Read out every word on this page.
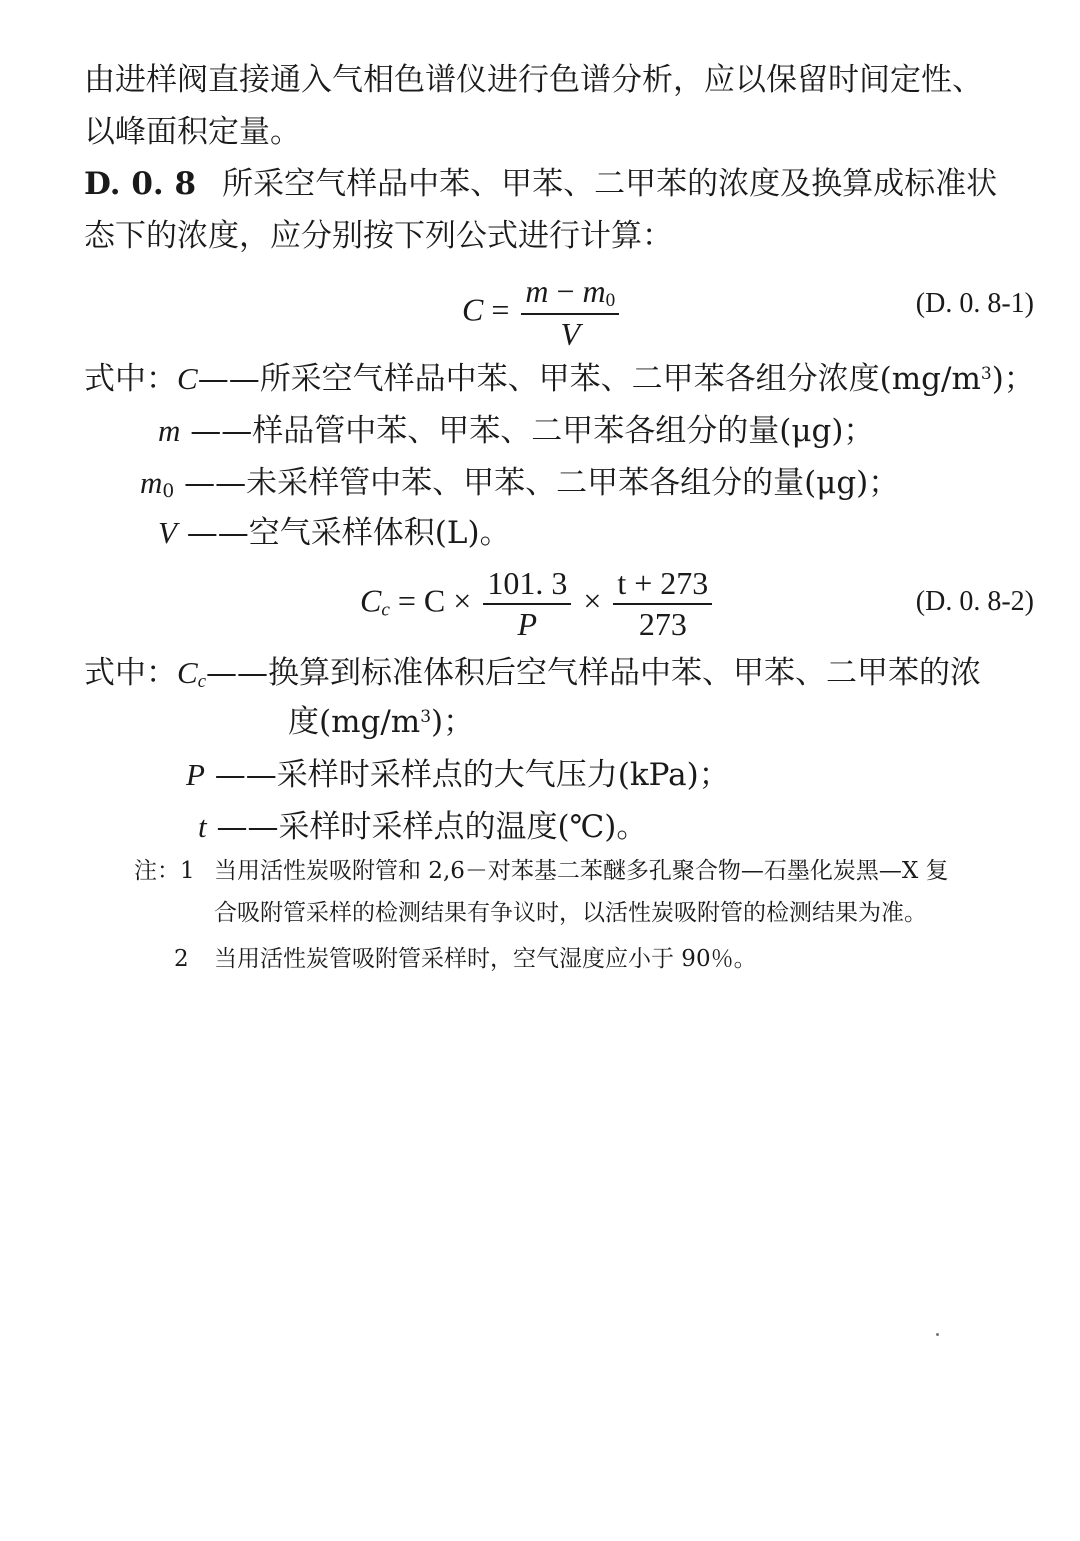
由进样阀直接通入气相色谱仪进行色谱分析，应以保留时间定性、
以峰面积定量。
D. 0. 8 所采空气样品中苯、甲苯、二甲苯的浓度及换算成标准状
态下的浓度，应分别按下列公式进行计算：
$C = \frac{m - m_0}{V}$	(D. 0. 8-1)
式中：C——所采空气样品中苯、甲苯、二甲苯各组分浓度$(mg/m^3)$；
m ——样品管中苯、甲苯、二甲苯各组分的量(μg)；
$m_0$ ——未采样管中苯、甲苯、二甲苯各组分的量(μg)；
V ——空气采样体积(L)。
$C_c = C \times \frac{101. 3}{P} \times \frac{t + 273}{273}$	(D. 0. 8-2)
式中：$C_c——$换算到标准体积后空气样品中苯、甲苯、二甲苯的浓
度$(mg/m^3)$；
P ——采样时采样点的大气压力(kPa)；
t ——采样时采样点的温度(℃)。
注：1 当用活性炭吸附管和 2,6－对苯基二苯醚多孔聚合物—石墨化炭黑—X 复
合吸附管采样的检测结果有争议时，以活性炭吸附管的检测结果为准。
2 当用活性炭管吸附管采样时，空气湿度应小于 90％。
